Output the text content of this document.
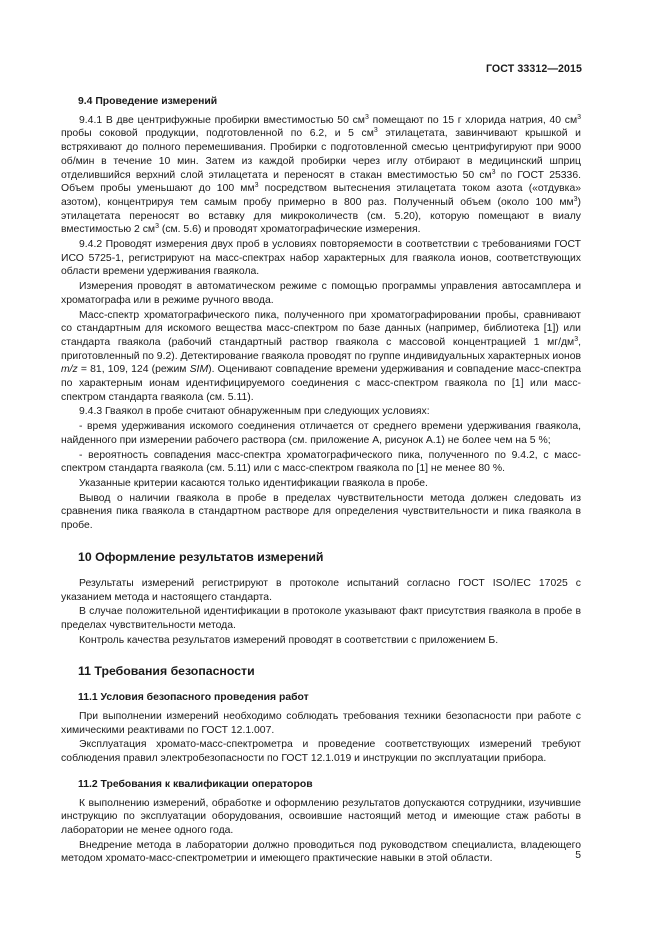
ГОСТ 33312—2015
9.4 Проведение измерений

9.4.1 В две центрифужные пробирки вместимостью 50 $см^3$ помещают по 15 г хлорида натрия, 40 $см^3$ пробы соковой продукции, подготовленной по 6.2, и 5 $см^3$ этилацетата, завинчивают крышкой и встряхивают до полного перемешивания. Пробирки с подготовленной смесью центрифугируют при 9000 об/мин в течение 10 мин. Затем из каждой пробирки через иглу отбирают в медицинский шприц отделившийся верхний слой этилацетата и переносят в стакан вместимостью 50 $см^3$ по ГОСТ 25336. Объем пробы уменьшают до 100 $мм^3$ посредством вытеснения этилацетата током азота («отдувка» азотом), концентрируя тем самым пробу примерно в 800 раз. Полученный объем (около 100 $мм^3$) этилацетата переносят во вставку для микроколичеств (см. 5.20), которую помещают в виалу вместимостью 2 $см^3$ (см. 5.6) и проводят хроматографические измерения.

9.4.2 Проводят измерения двух проб в условиях повторяемости в соответствии с требованиями ГОСТ ИСО 5725-1, регистрируют на масс-спектрах набор характерных для гваякола ионов, соответствующих области времени удерживания гваякола.

Измерения проводят в автоматическом режиме с помощью программы управления автосамплера и хроматографа или в режиме ручного ввода.

Масс-спектр хроматографического пика, полученного при хроматографировании пробы, сравнивают со стандартным для искомого вещества масс-спектром по базе данных (например, библиотека [1]) или стандарта гваякола (рабочий стандартный раствор гваякола с массовой концентрацией 1 $мг/дм^3$, приготовленный по 9.2). Детектирование гваякола проводят по группе индивидуальных характерных ионов m/z = 81, 109, 124 (режим SIM). Оценивают совпадение времени удерживания и совпадение масс-спектра по характерным ионам идентифицируемого соединения с масс-спектром гваякола по [1] или масс-спектром стандарта гваякола (см. 5.11).

9.4.3 Гваякол в пробе считают обнаруженным при следующих условиях:

- время удерживания искомого соединения отличается от среднего времени удерживания гваякола, найденного при измерении рабочего раствора (см. приложение А, рисунок А.1) не более чем на 5 %;

- вероятность совпадения масс-спектра хроматографического пика, полученного по 9.4.2, с масс-спектром стандарта гваякола (см. 5.11) или с масс-спектром гваякола по [1] не менее 80 %.

Указанные критерии касаются только идентификации гваякола в пробе.

Вывод о наличии гваякола в пробе в пределах чувствительности метода должен следовать из сравнения пика гваякола в стандартном растворе для определения чувствительности и пика гваякола в пробе.

10 Оформление результатов измерений

Результаты измерений регистрируют в протоколе испытаний согласно ГОСТ ISO/IEC 17025 с указанием метода и настоящего стандарта.

В случае положительной идентификации в протоколе указывают факт присутствия гваякола в пробе в пределах чувствительности метода.

Контроль качества результатов измерений проводят в соответствии с приложением Б.

11 Требования безопасности
11.1 Условия безопасного проведения работ

При выполнении измерений необходимо соблюдать требования техники безопасности при работе с химическими реактивами по ГОСТ 12.1.007.

Эксплуатация хромато-масс-спектрометра и проведение соответствующих измерений требуют соблюдения правил электробезопасности по ГОСТ 12.1.019 и инструкции по эксплуатации прибора.

11.2 Требования к квалификации операторов

К выполнению измерений, обработке и оформлению результатов допускаются сотрудники, изучившие инструкцию по эксплуатации оборудования, освоившие настоящий метод и имеющие стаж работы в лаборатории не менее одного года.

Внедрение метода в лаборатории должно проводиться под руководством специалиста, владеющего методом хромато-масс-спектрометрии и имеющего практические навыки в этой области.	5
